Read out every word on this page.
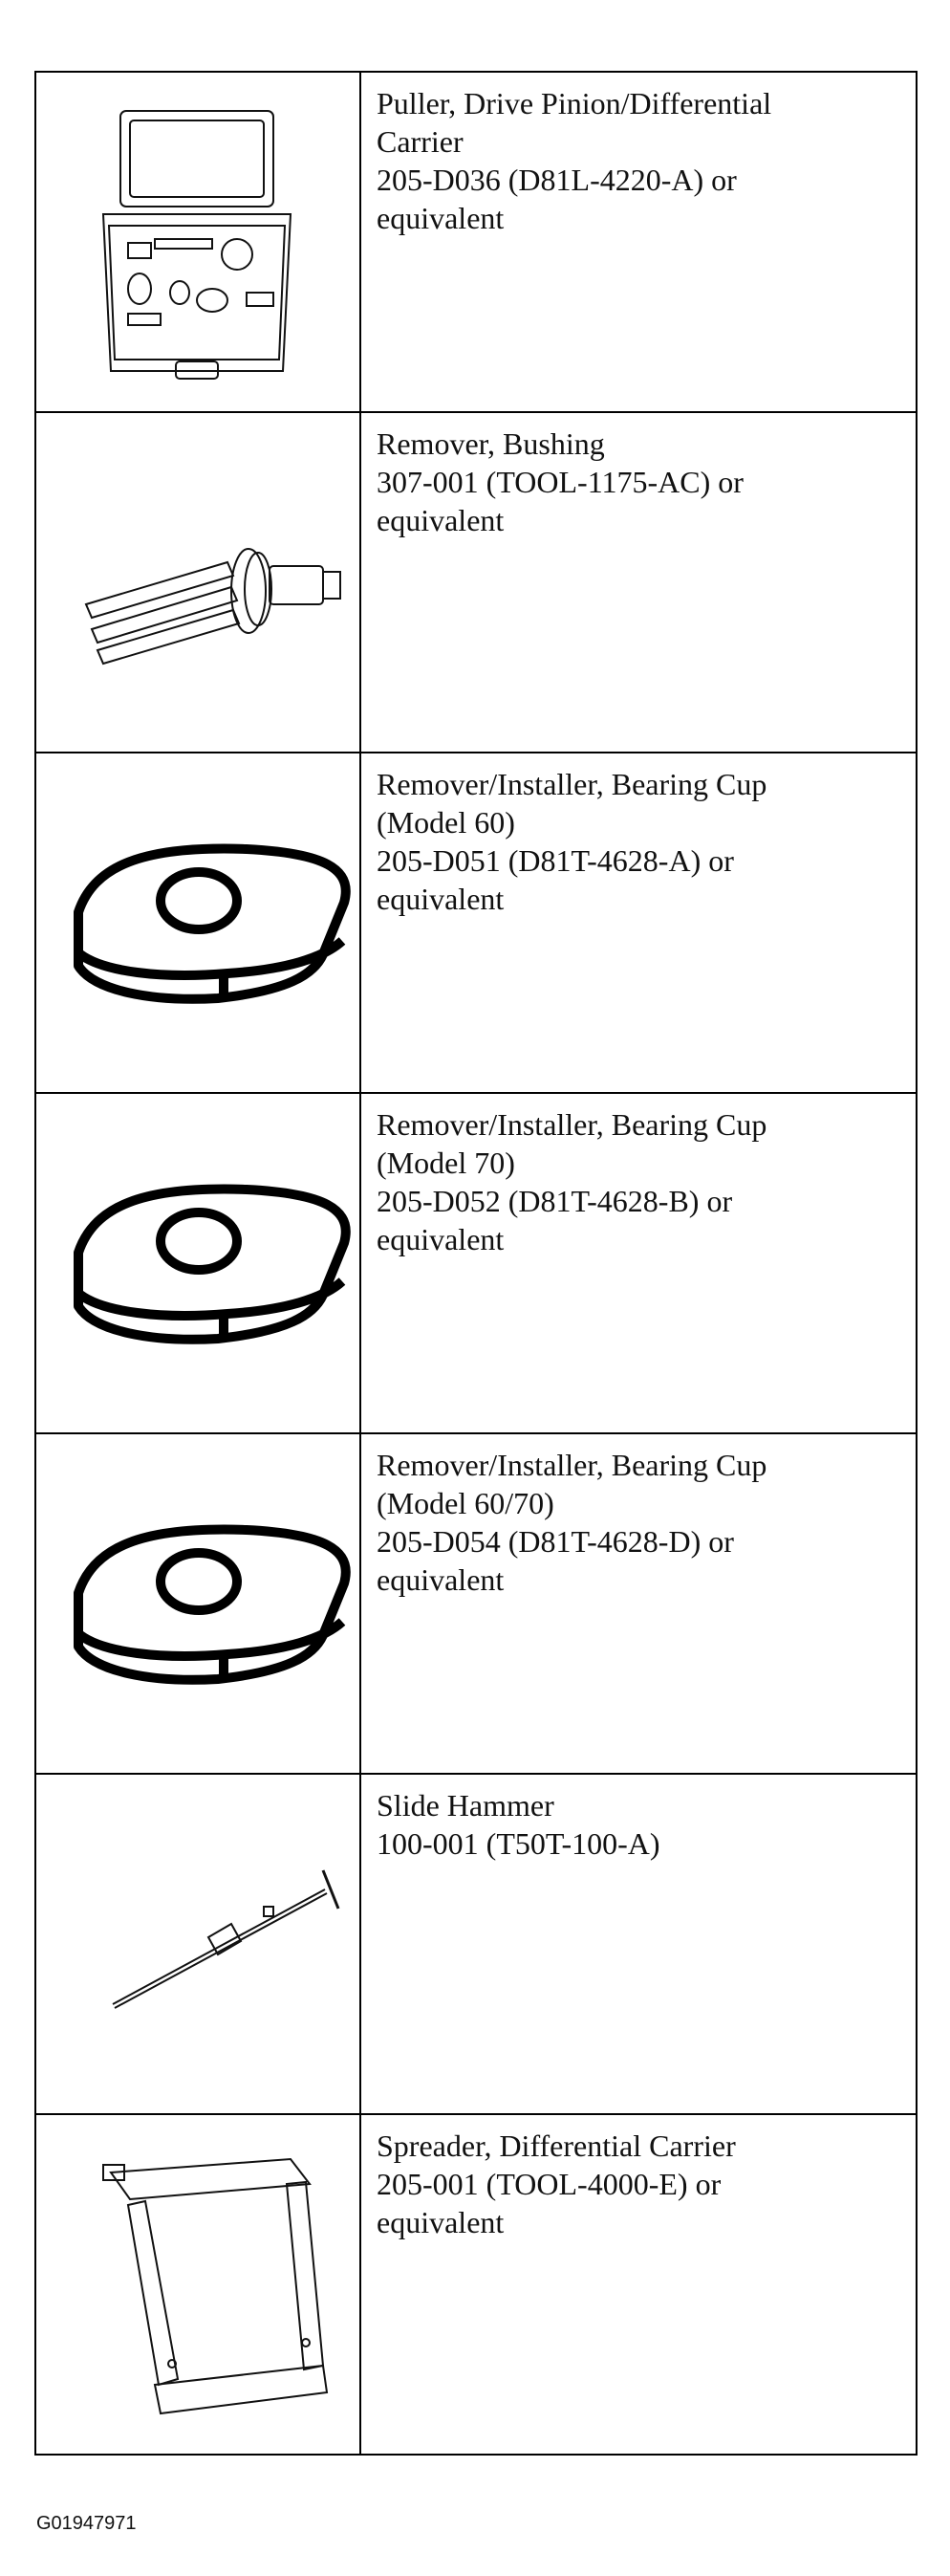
Puller, Drive Pinion/Differential
Carrier
205-D036 (D81L-4220-A) or
equivalent

Remover, Bushing
307-001 (TOOL-1175-AC) or
equivalent

Remover/Installer, Bearing Cup
(Model 60)
205-D051 (D81T-4628-A) or
equivalent

Remover/Installer, Bearing Cup
(Model 70)
205-D052 (D81T-4628-B) or
equivalent

Remover/Installer, Bearing Cup
(Model 60/70)
205-D054 (D81T-4628-D) or
equivalent

Slide Hammer
100-001 (T50T-100-A)

Spreader, Differential Carrier
205-001 (TOOL-4000-E) or
equivalent
G01947971
